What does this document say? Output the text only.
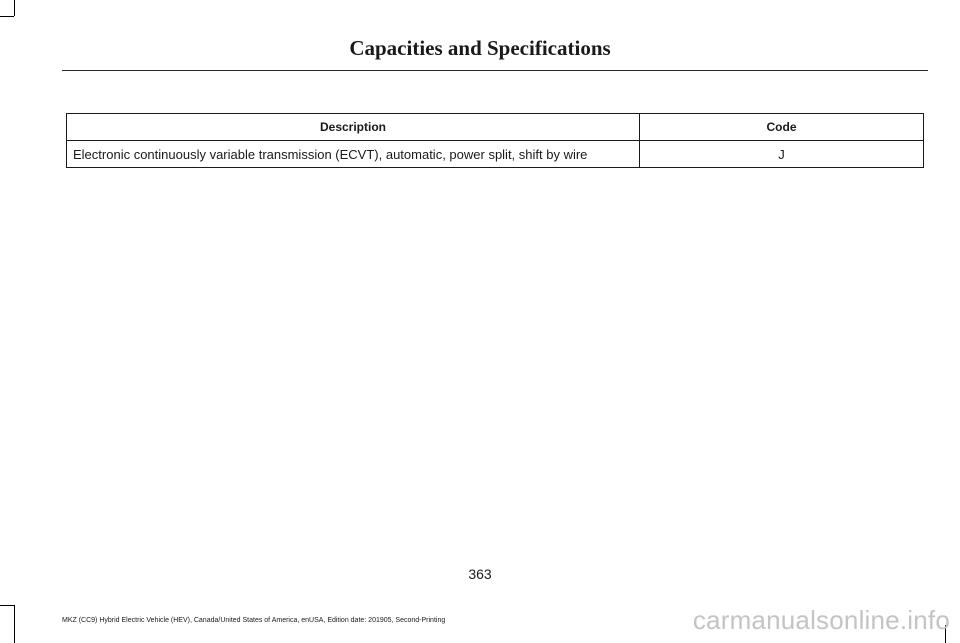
Capacities and Specifications
Description	Code
Electronic continuously variable transmission (ECVT), automatic, power split, shift by wire	J
363
MKZ (CC9) Hybrid Electric Vehicle (HEV), Canada/United States of America, enUSA, Edition date: 201905, Second-Printing	carmanualsonline.info
